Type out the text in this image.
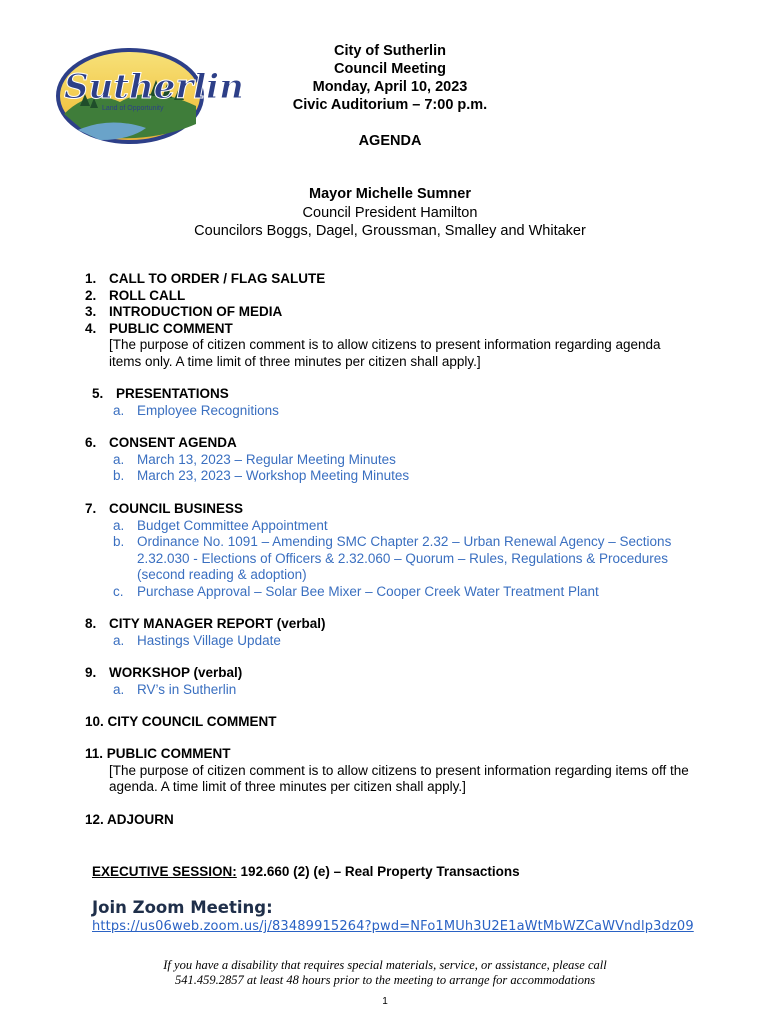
Sutherlin
Land of Opportunity
City of Sutherlin
Council Meeting
Monday, April 10, 2023
Civic Auditorium – 7:00 p.m.
AGENDA
Mayor Michelle Sumner
Council President Hamilton
Councilors Boggs, Dagel, Groussman, Smalley and Whitaker
1. CALL TO ORDER / FLAG SALUTE
2. ROLL CALL
3. INTRODUCTION OF MEDIA
4. PUBLIC COMMENT
[The purpose of citizen comment is to allow citizens to present information regarding agenda items only. A time limit of three minutes per citizen shall apply.]
5. PRESENTATIONS
a. Employee Recognitions
6. CONSENT AGENDA
a. March 13, 2023 – Regular Meeting Minutes
b. March 23, 2023 – Workshop Meeting Minutes
7. COUNCIL BUSINESS
a. Budget Committee Appointment
b. Ordinance No. 1091 – Amending SMC Chapter 2.32 – Urban Renewal Agency – Sections 2.32.030 - Elections of Officers & 2.32.060 – Quorum – Rules, Regulations & Procedures (second reading & adoption)
c. Purchase Approval – Solar Bee Mixer – Cooper Creek Water Treatment Plant
8. CITY MANAGER REPORT (verbal)
a. Hastings Village Update
9. WORKSHOP (verbal)
a. RV’s in Sutherlin
10. CITY COUNCIL COMMENT
11. PUBLIC COMMENT
[The purpose of citizen comment is to allow citizens to present information regarding items off the agenda. A time limit of three minutes per citizen shall apply.]
12. ADJOURN
EXECUTIVE SESSION: 192.660 (2) (e) – Real Property Transactions
Join Zoom Meeting:
https://us06web.zoom.us/j/83489915264?pwd=NFo1MUh3U2E1aWtMbWZCaWVndlp3dz09
If you have a disability that requires special materials, service, or assistance, please call
541.459.2857 at least 48 hours prior to the meeting to arrange for accommodations
1
